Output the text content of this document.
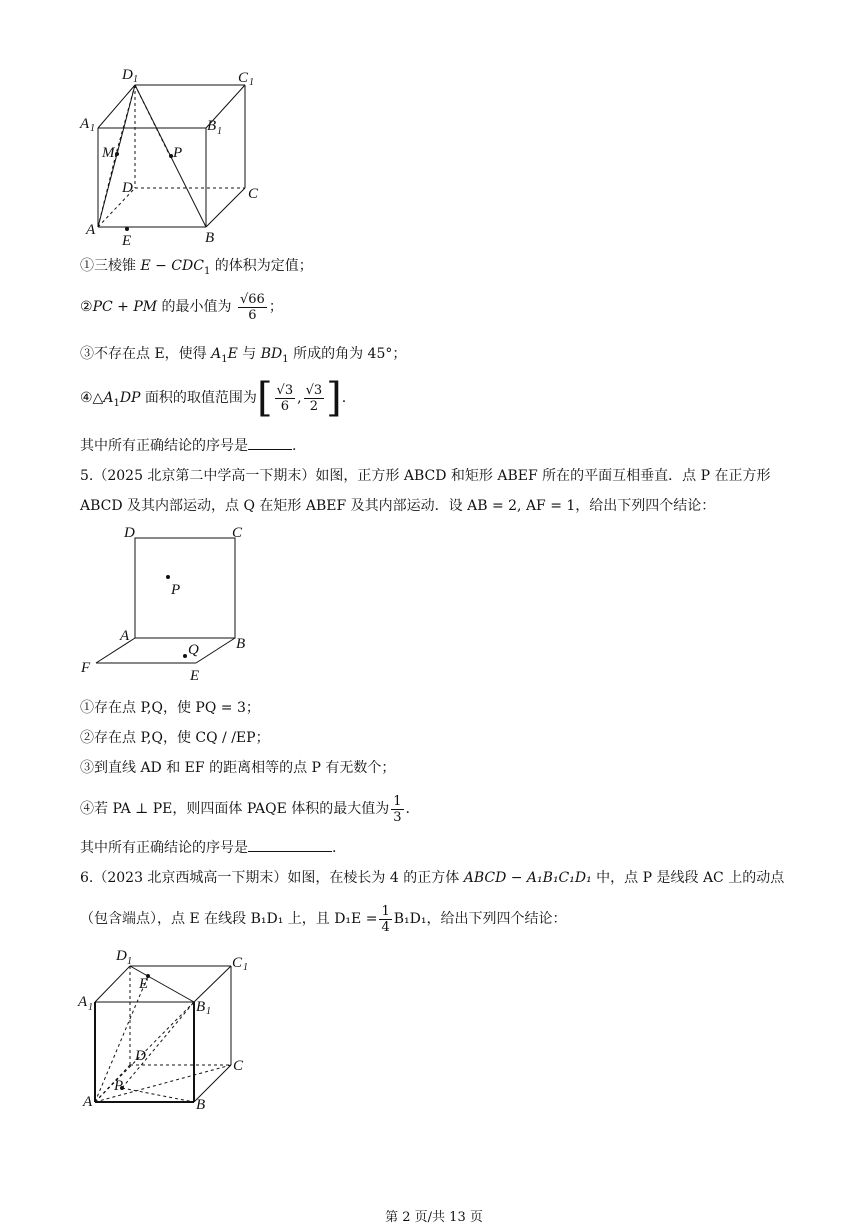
D 1	C 1
A 1	B 1
M	P
D	C
A
E	B
①三棱锥 $E - CDC_1$ 的体积为定值；
②PC + PM 的最小值为 $\frac{√66}{6}$ ；
③不存在点 E，使得 $A_1E$ 与 $BD_1$ 所成的角为 45°；
$④\triangle A_1DP$ 面积的取值范围为[ $\frac{√3}{6}$ , $\frac{√3}{2}$ ].
其中所有正确结论的序号是	.
5.（2025 北京第二中学高一下期末）如图，正方形 ABCD 和矩形 ABEF 所在的平面互相垂直．点 P 在正方形
ABCD 及其内部运动，点 Q 在矩形 ABEF 及其内部运动．设 AB = 2, AF = 1，给出下列四个结论：
D	C
P
A	B
Q
F	E
①存在点 P,Q，使 PQ = 3；
②存在点 P,Q，使 CQ / /EP；
③到直线 AD 和 EF 的距离相等的点 P 有无数个；
④若 PA ⊥ PE，则四面体 PAQE 体积的最大值为 $\frac{1}{3}$ .
其中所有正确结论的序号是	.
6.（2023 北京西城高一下期末）如图，在棱长为 4 的正方体 ABCD − A₁B₁C₁D₁ 中，点 P 是线段 AC 上的动点
（包含端点），点 E 在线段 B₁D₁ 上，且 $D_1E = \frac{1}{4} B_1D_1$，给出下列四个结论：
D 1	C 1
E
A 1	B 1
D
C
P
A	B
第 2 页/共 13 页
